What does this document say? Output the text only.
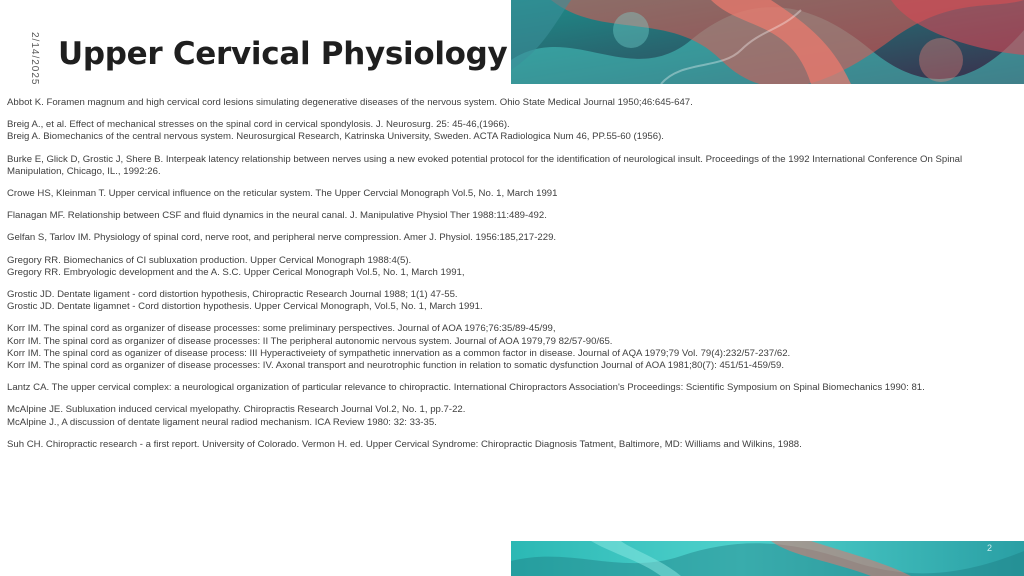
2/14/2025 Upper Cervical Physiology

Abbot K. Foramen magnum and high cervical cord lesions simulating degenerative diseases of the nervous system. Ohio State Medical Journal 1950;46:645-647.

Breig A., et al. Effect of mechanical stresses on the spinal cord in cervical spondylosis. J. Neurosurg. 25: 45-46,(1966).

Breig A. Biomechanics of the central nervous system. Neurosurgical Research, Katrinska University, Sweden. ACTA Radiologica Num 46, PP.55-60 (1956).

Burke E, Glick D, Grostic J, Shere B. Interpeak latency relationship between nerves using a new evoked potential protocol for the identification of neurological insult. Proceedings of the 1992 International Conference On Spinal Manipulation, Chicago, IL., 1992:26.

Crowe HS, Kleinman T. Upper cervical influence on the reticular system. The Upper Cervcial Monograph Vol.5, No. 1, March 1991

Flanagan MF. Relationship between CSF and fluid dynamics in the neural canal. J. Manipulative Physiol Ther 1988:11:489-492.

Gelfan S, Tarlov IM. Physiology of spinal cord, nerve root, and peripheral nerve compression. Amer J. Physiol. 1956:185,217-229.

Gregory RR. Biomechanics of CI subluxation production. Upper Cervical Monograph 1988:4(5).

Gregory RR. Embryologic development and the A. S.C. Upper Cerical Monograph Vol.5, No. 1, March 1991,

Grostic JD. Dentate ligament - cord distortion hypothesis, Chiropractic Research Journal 1988; 1(1) 47-55.

Grostic JD. Dentate ligamnet - Cord distortion hypothesis. Upper Cervical Monograph, Vol.5, No. 1, March 1991.

Korr IM. The spinal cord as organizer of disease processes: some preliminary perspectives. Journal of AOA 1976;76:35/89-45/99,

Korr IM. The spinal cord as organizer of disease processes: II The peripheral autonomic nervous system. Journal of AOA 1979,79 82/57-90/65.

Korr IM. The spinal cord as oganizer of disease process: III Hyperactiveiety of sympathetic innervation as a common factor in disease. Journal of AQA 1979;79 Vol. 79(4):232/57-237/62.

Korr IM. The spinal cord as organizer of disease processes: IV. Axonal transport and neurotrophic function in relation to somatic dysfunction Journal of AOA 1981;80(7): 451/51-459/59.

Lantz CA. The upper cervical complex: a neurological organization of particular relevance to chiropractic. International Chiropractors Association's Proceedings: Scientific Symposium on Spinal Biomechanics 1990: 81.

McAlpine JE. Subluxation induced cervical myelopathy. Chiropractis Research Journal Vol.2, No. 1, pp.7-22.

McAlpine J., A discussion of dentate ligament neural radiod mechanism. ICA Review 1980: 32: 33-35.

Suh CH. Chiropractic research - a first report. University of Colorado. Vermon H. ed. Upper Cervical Syndrome: Chiropractic Diagnosis Tatment, Baltimore, MD: Williams and Wilkins, 1988.

2
